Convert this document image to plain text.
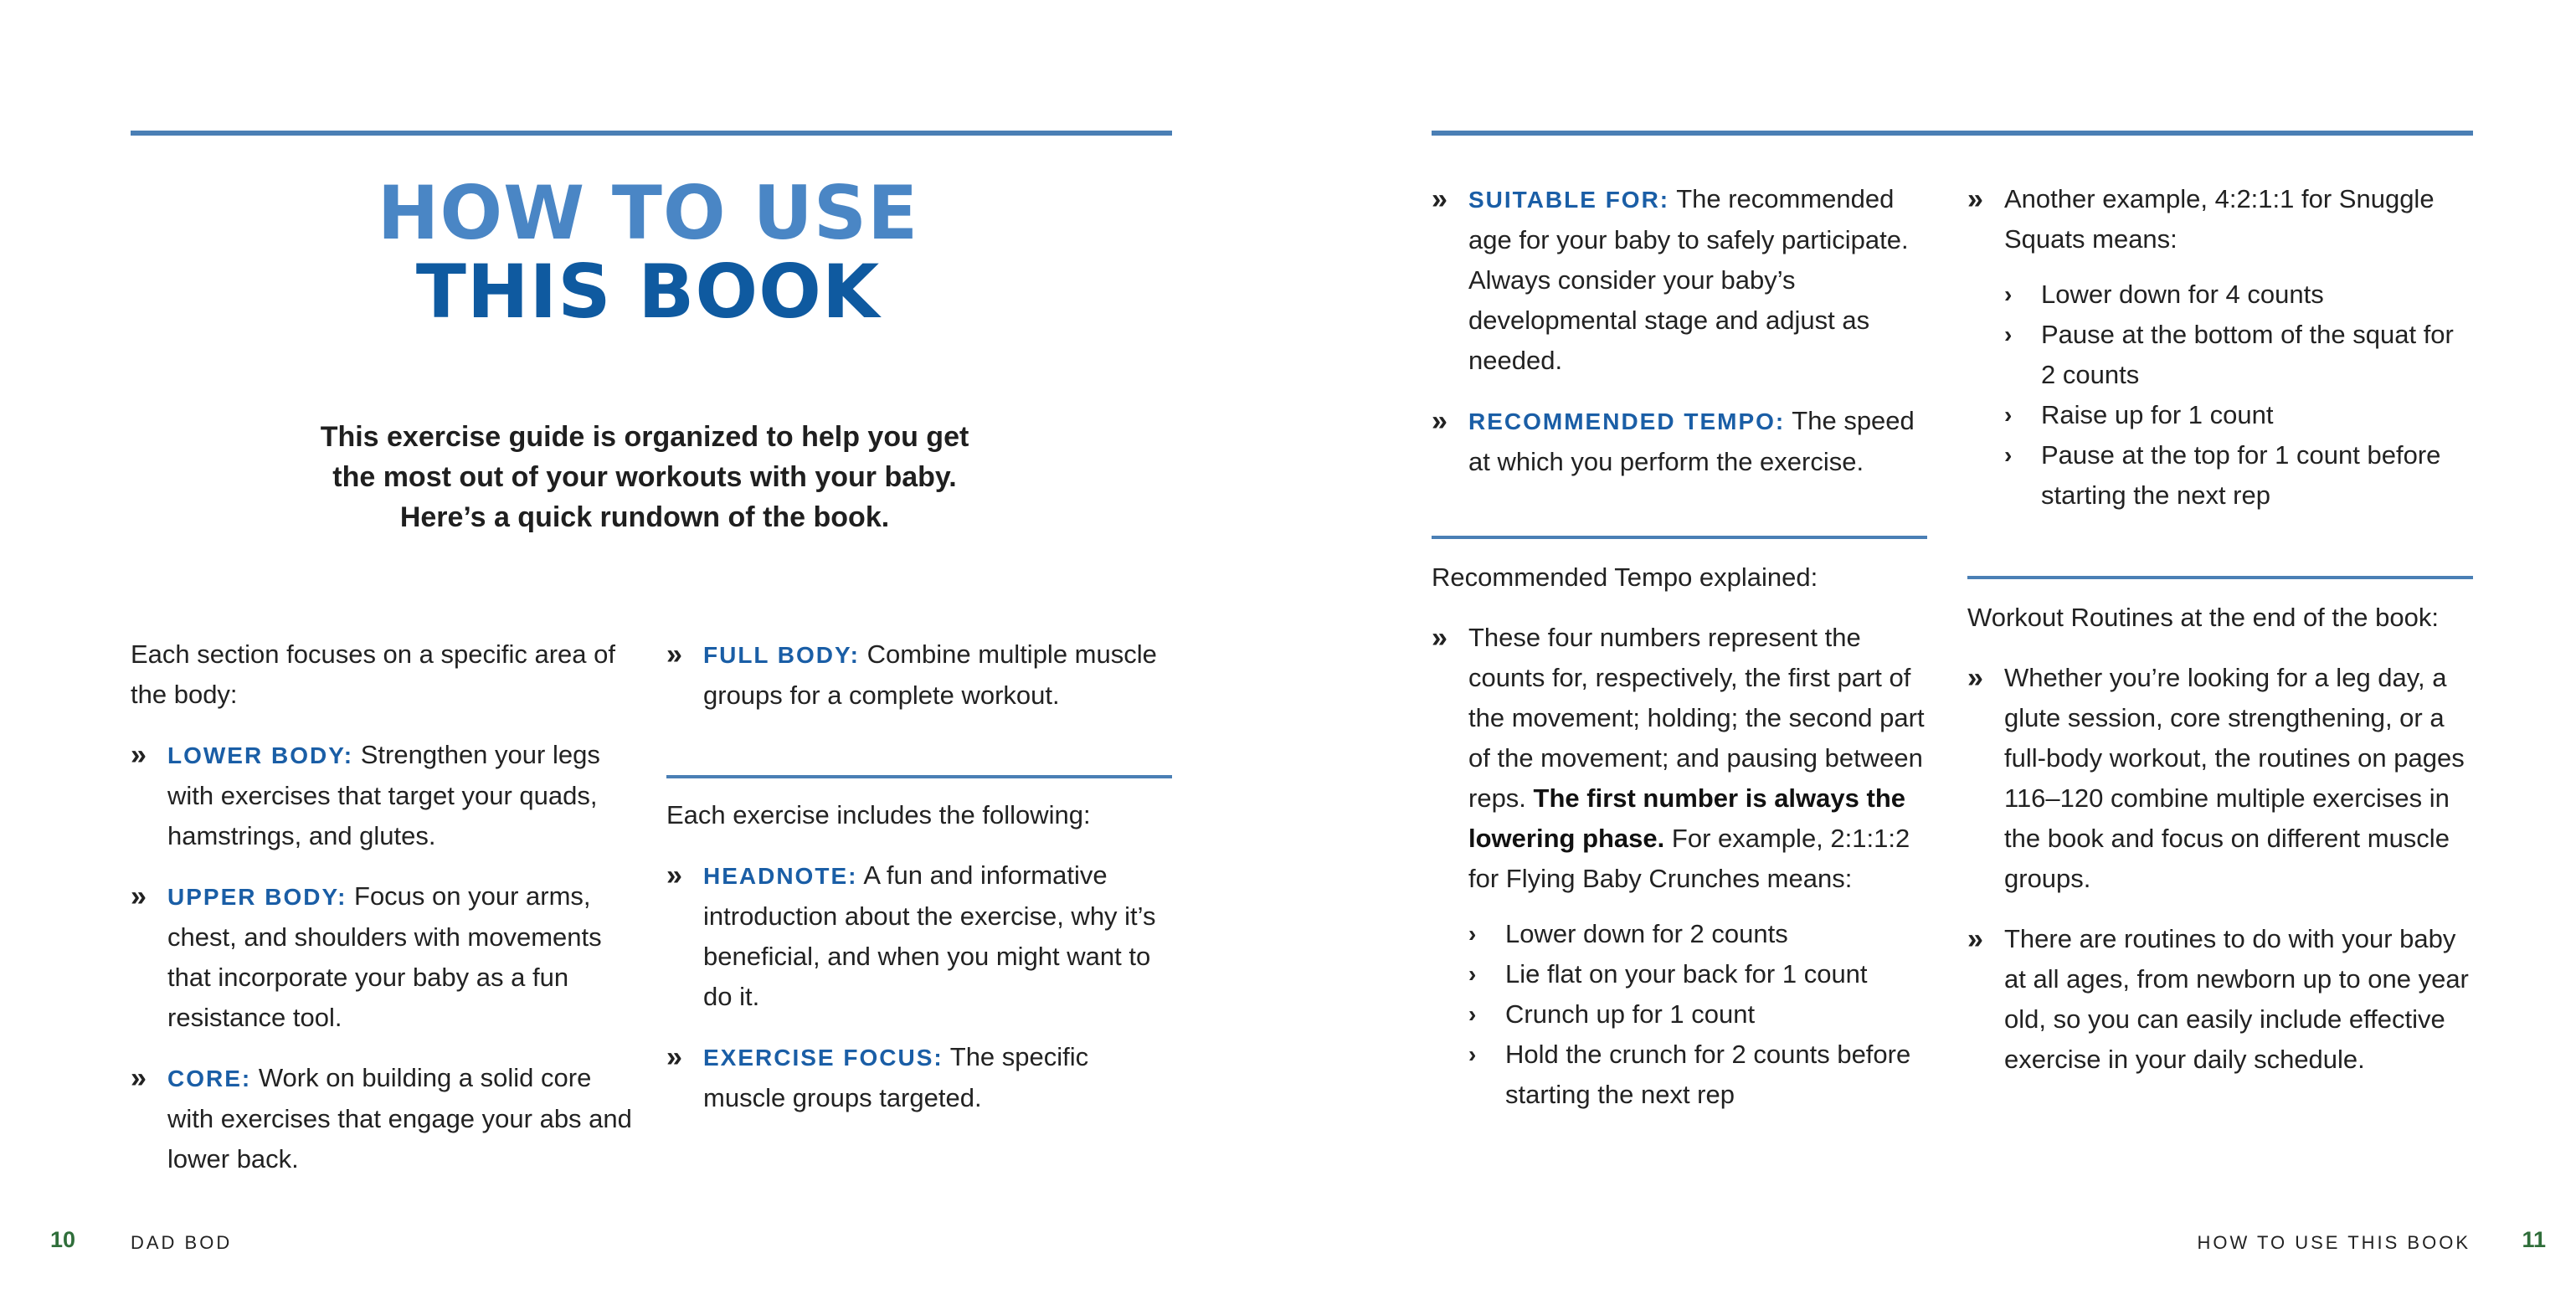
HOW TO USE
THIS BOOK

This exercise guide is organized to help you get the most out of your workouts with your baby. Here’s a quick rundown of the book.

Each section focuses on a specific area of the body:

» LOWER BODY: Strengthen your legs with exercises that target your quads, hamstrings, and glutes.
» UPPER BODY: Focus on your arms, chest, and shoulders with movements that incorporate your baby as a fun resistance tool.
» CORE: Work on building a solid core with exercises that engage your abs and lower back.
» FULL BODY: Combine multiple muscle groups for a complete workout.

Each exercise includes the following:

» HEADNOTE: A fun and informative introduction about the exercise, why it’s beneficial, and when you might want to do it.
» EXERCISE FOCUS: The specific muscle groups targeted.
» SUITABLE FOR: The recommended age for your baby to safely participate. Always consider your baby’s developmental stage and adjust as needed.
» RECOMMENDED TEMPO: The speed at which you perform the exercise.

Recommended Tempo explained:

» These four numbers represent the counts for, respectively, the first part of the movement; holding; the second part of the movement; and pausing between reps. The first number is always the lowering phase. For example, 2:1:1:2 for Flying Baby Crunches means:
› Lower down for 2 counts
› Lie flat on your back for 1 count
› Crunch up for 1 count
› Hold the crunch for 2 counts before starting the next rep
» Another example, 4:2:1:1 for Snuggle Squats means:
› Lower down for 4 counts
› Pause at the bottom of the squat for 2 counts
› Raise up for 1 count
› Pause at the top for 1 count before starting the next rep

Workout Routines at the end of the book:

» Whether you’re looking for a leg day, a glute session, core strengthening, or a full-body workout, the routines on pages 116–120 combine multiple exercises in the book and focus on different muscle groups.
» There are routines to do with your baby at all ages, from newborn up to one year old, so you can easily include effective exercise in your daily schedule.
10	DAD BOD	HOW TO USE THIS BOOK 11
